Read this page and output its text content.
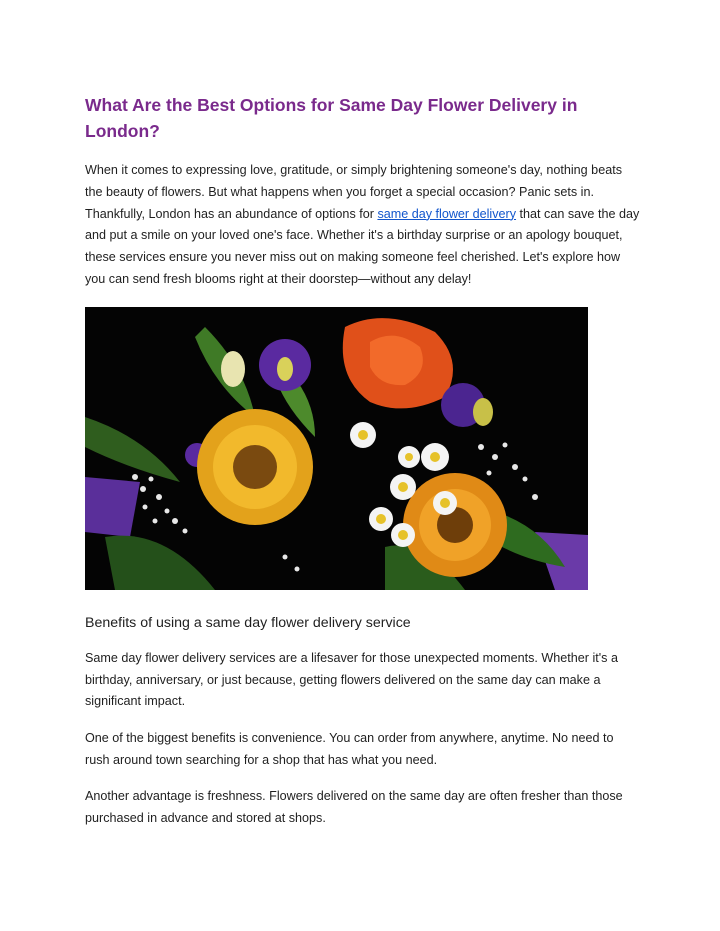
What Are the Best Options for Same Day Flower Delivery in London?

When it comes to expressing love, gratitude, or simply brightening someone's day, nothing beats the beauty of flowers. But what happens when you forget a special occasion? Panic sets in. Thankfully, London has an abundance of options for same day flower delivery that can save the day and put a smile on your loved one's face. Whether it's a birthday surprise or an apology bouquet, these services ensure you never miss out on making someone feel cherished. Let's explore how you can send fresh blooms right at their doorstep—without any delay!

Benefits of using a same day flower delivery service

Same day flower delivery services are a lifesaver for those unexpected moments. Whether it's a birthday, anniversary, or just because, getting flowers delivered on the same day can make a significant impact.

One of the biggest benefits is convenience. You can order from anywhere, anytime. No need to rush around town searching for a shop that has what you need.

Another advantage is freshness. Flowers delivered on the same day are often fresher than those purchased in advance and stored at shops.
